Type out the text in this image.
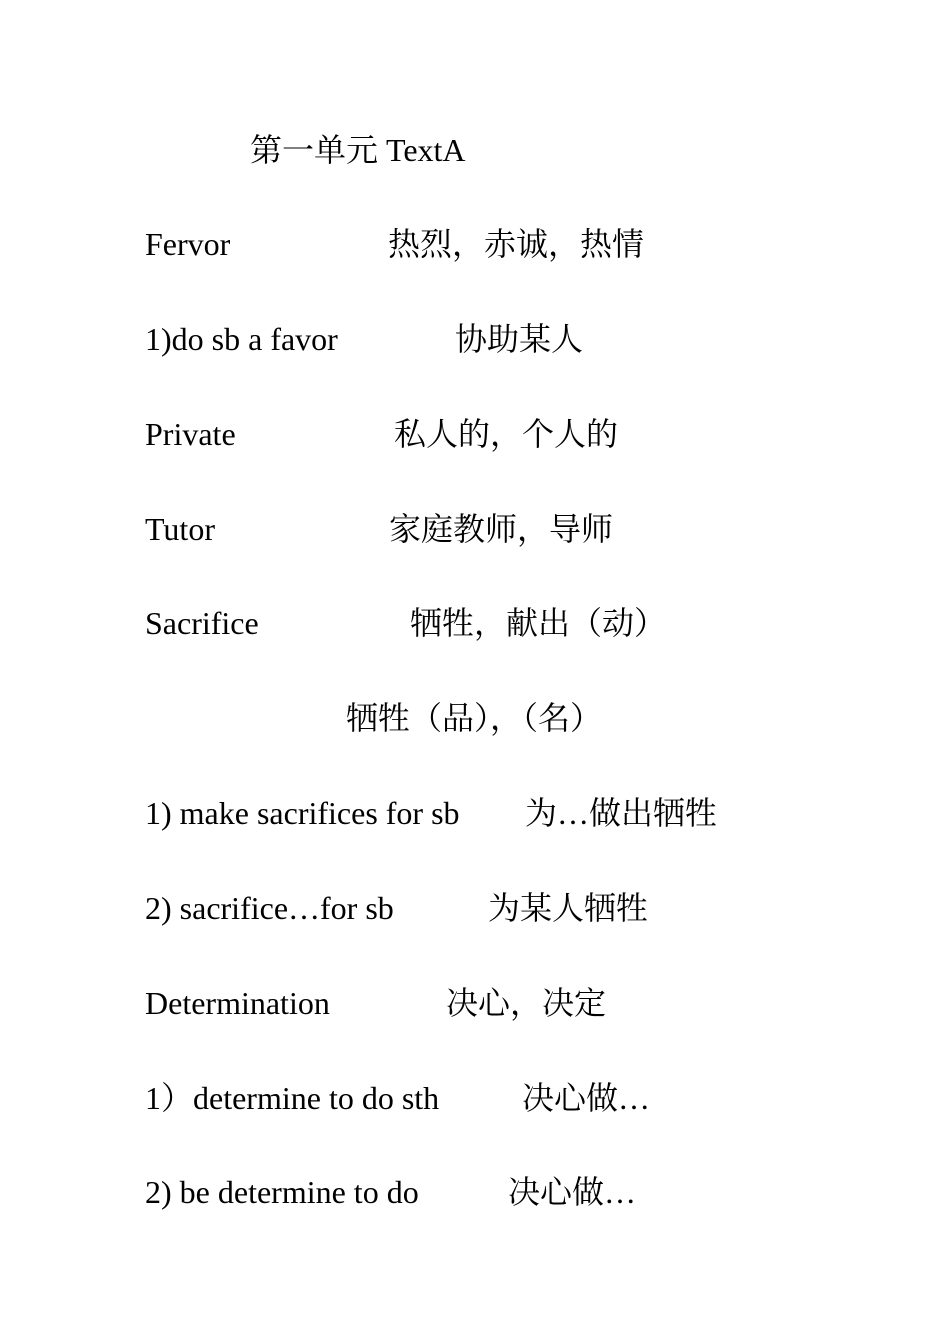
第一单元 TextA
Fervor	热烈，赤诚，热情
1)do sb a favor	协助某人
Private	私人的，个人的
Tutor	家庭教师，导师
Sacrifice	牺牲，献出（动）
牺牲（品），（名）
1) make sacrifices for sb 为…做出牺牲
2) sacrifice…for sb	为某人牺牲
Determination	决心，决定
1）determine to do sth	决心做…
2) be determine to do	决心做…
